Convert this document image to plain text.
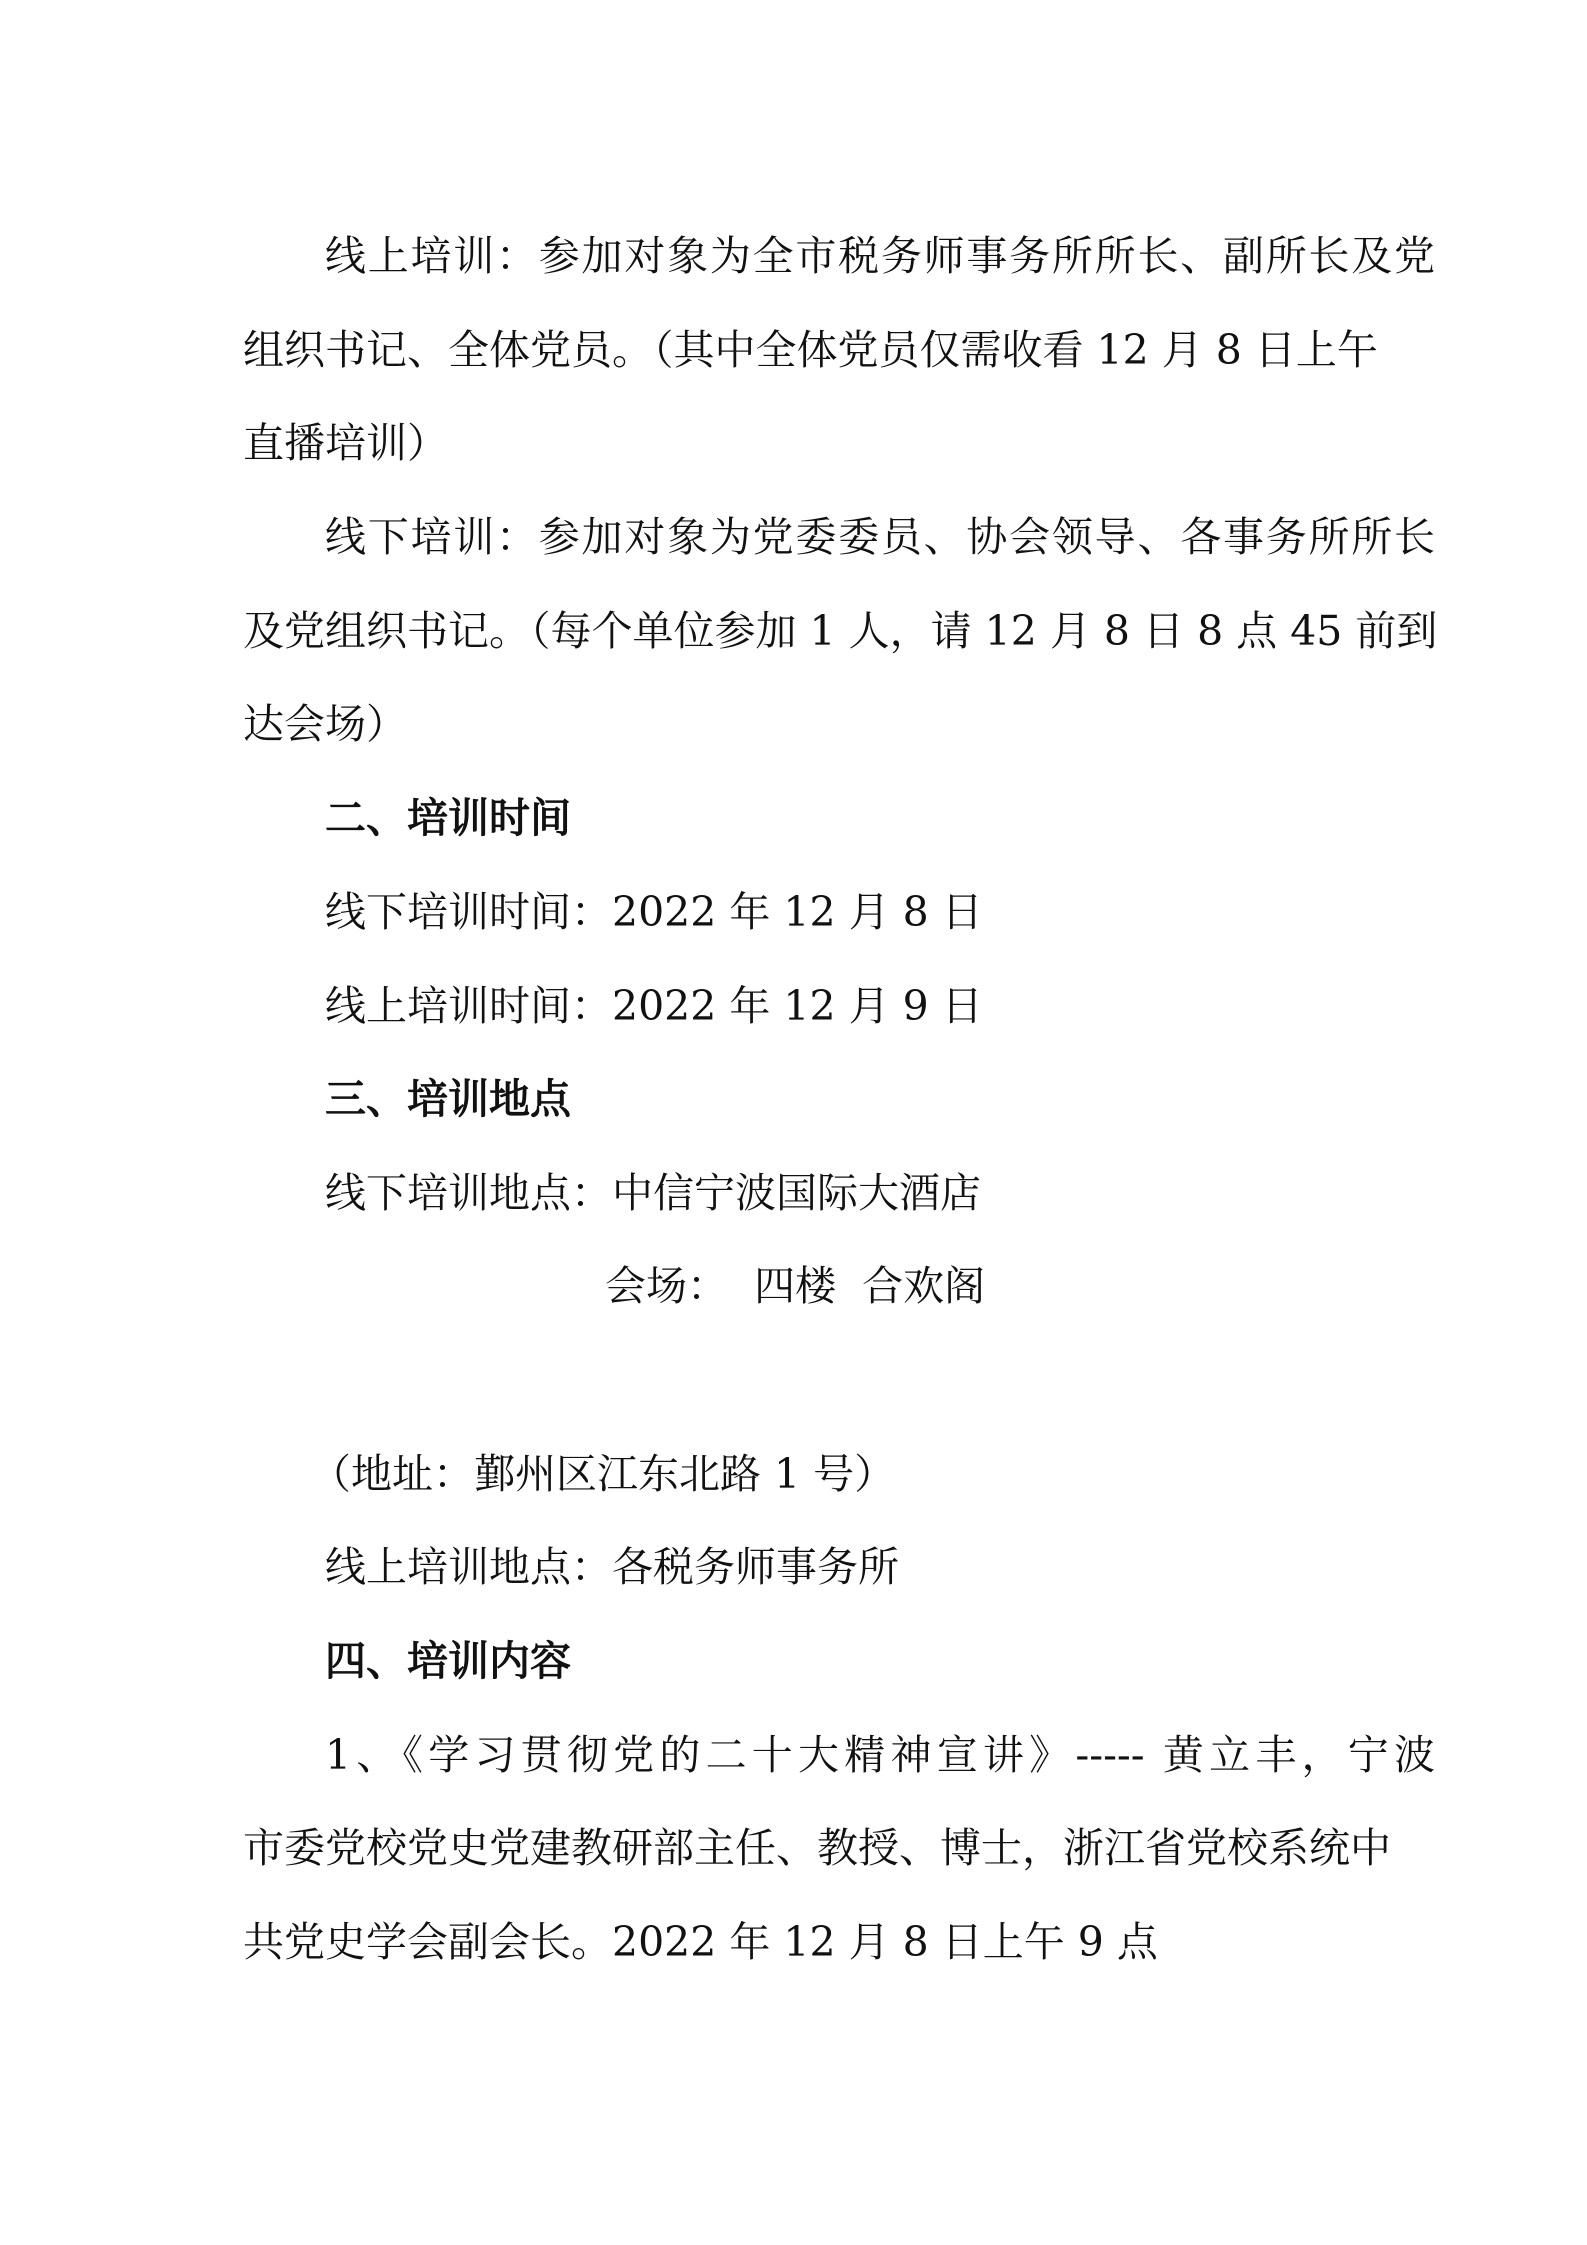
线上培训：参加对象为全市税务师事务所所长、副所长及党
组织书记、全体党员。（其中全体党员仅需收看 12 月 8 日上午
直播培训）
线下培训：参加对象为党委委员、协会领导、各事务所所长
及党组织书记。（每个单位参加 1 人，请 12 月 8 日 8 点 45 前到
达会场）
二、培训时间
线下培训时间：2022 年 12 月 8 日
线上培训时间：2022 年 12 月 9 日
三、培训地点
线下培训地点：中信宁波国际大酒店
会场：  四楼  合欢阁
（地址：鄞州区江东北路 1 号）
线上培训地点：各税务师事务所
四、培训内容
1、《学习贯彻党的二十大精神宣讲》----- 黄立丰，宁波
市委党校党史党建教研部主任、教授、博士，浙江省党校系统中
共党史学会副会长。2022 年 12 月 8 日上午 9 点
